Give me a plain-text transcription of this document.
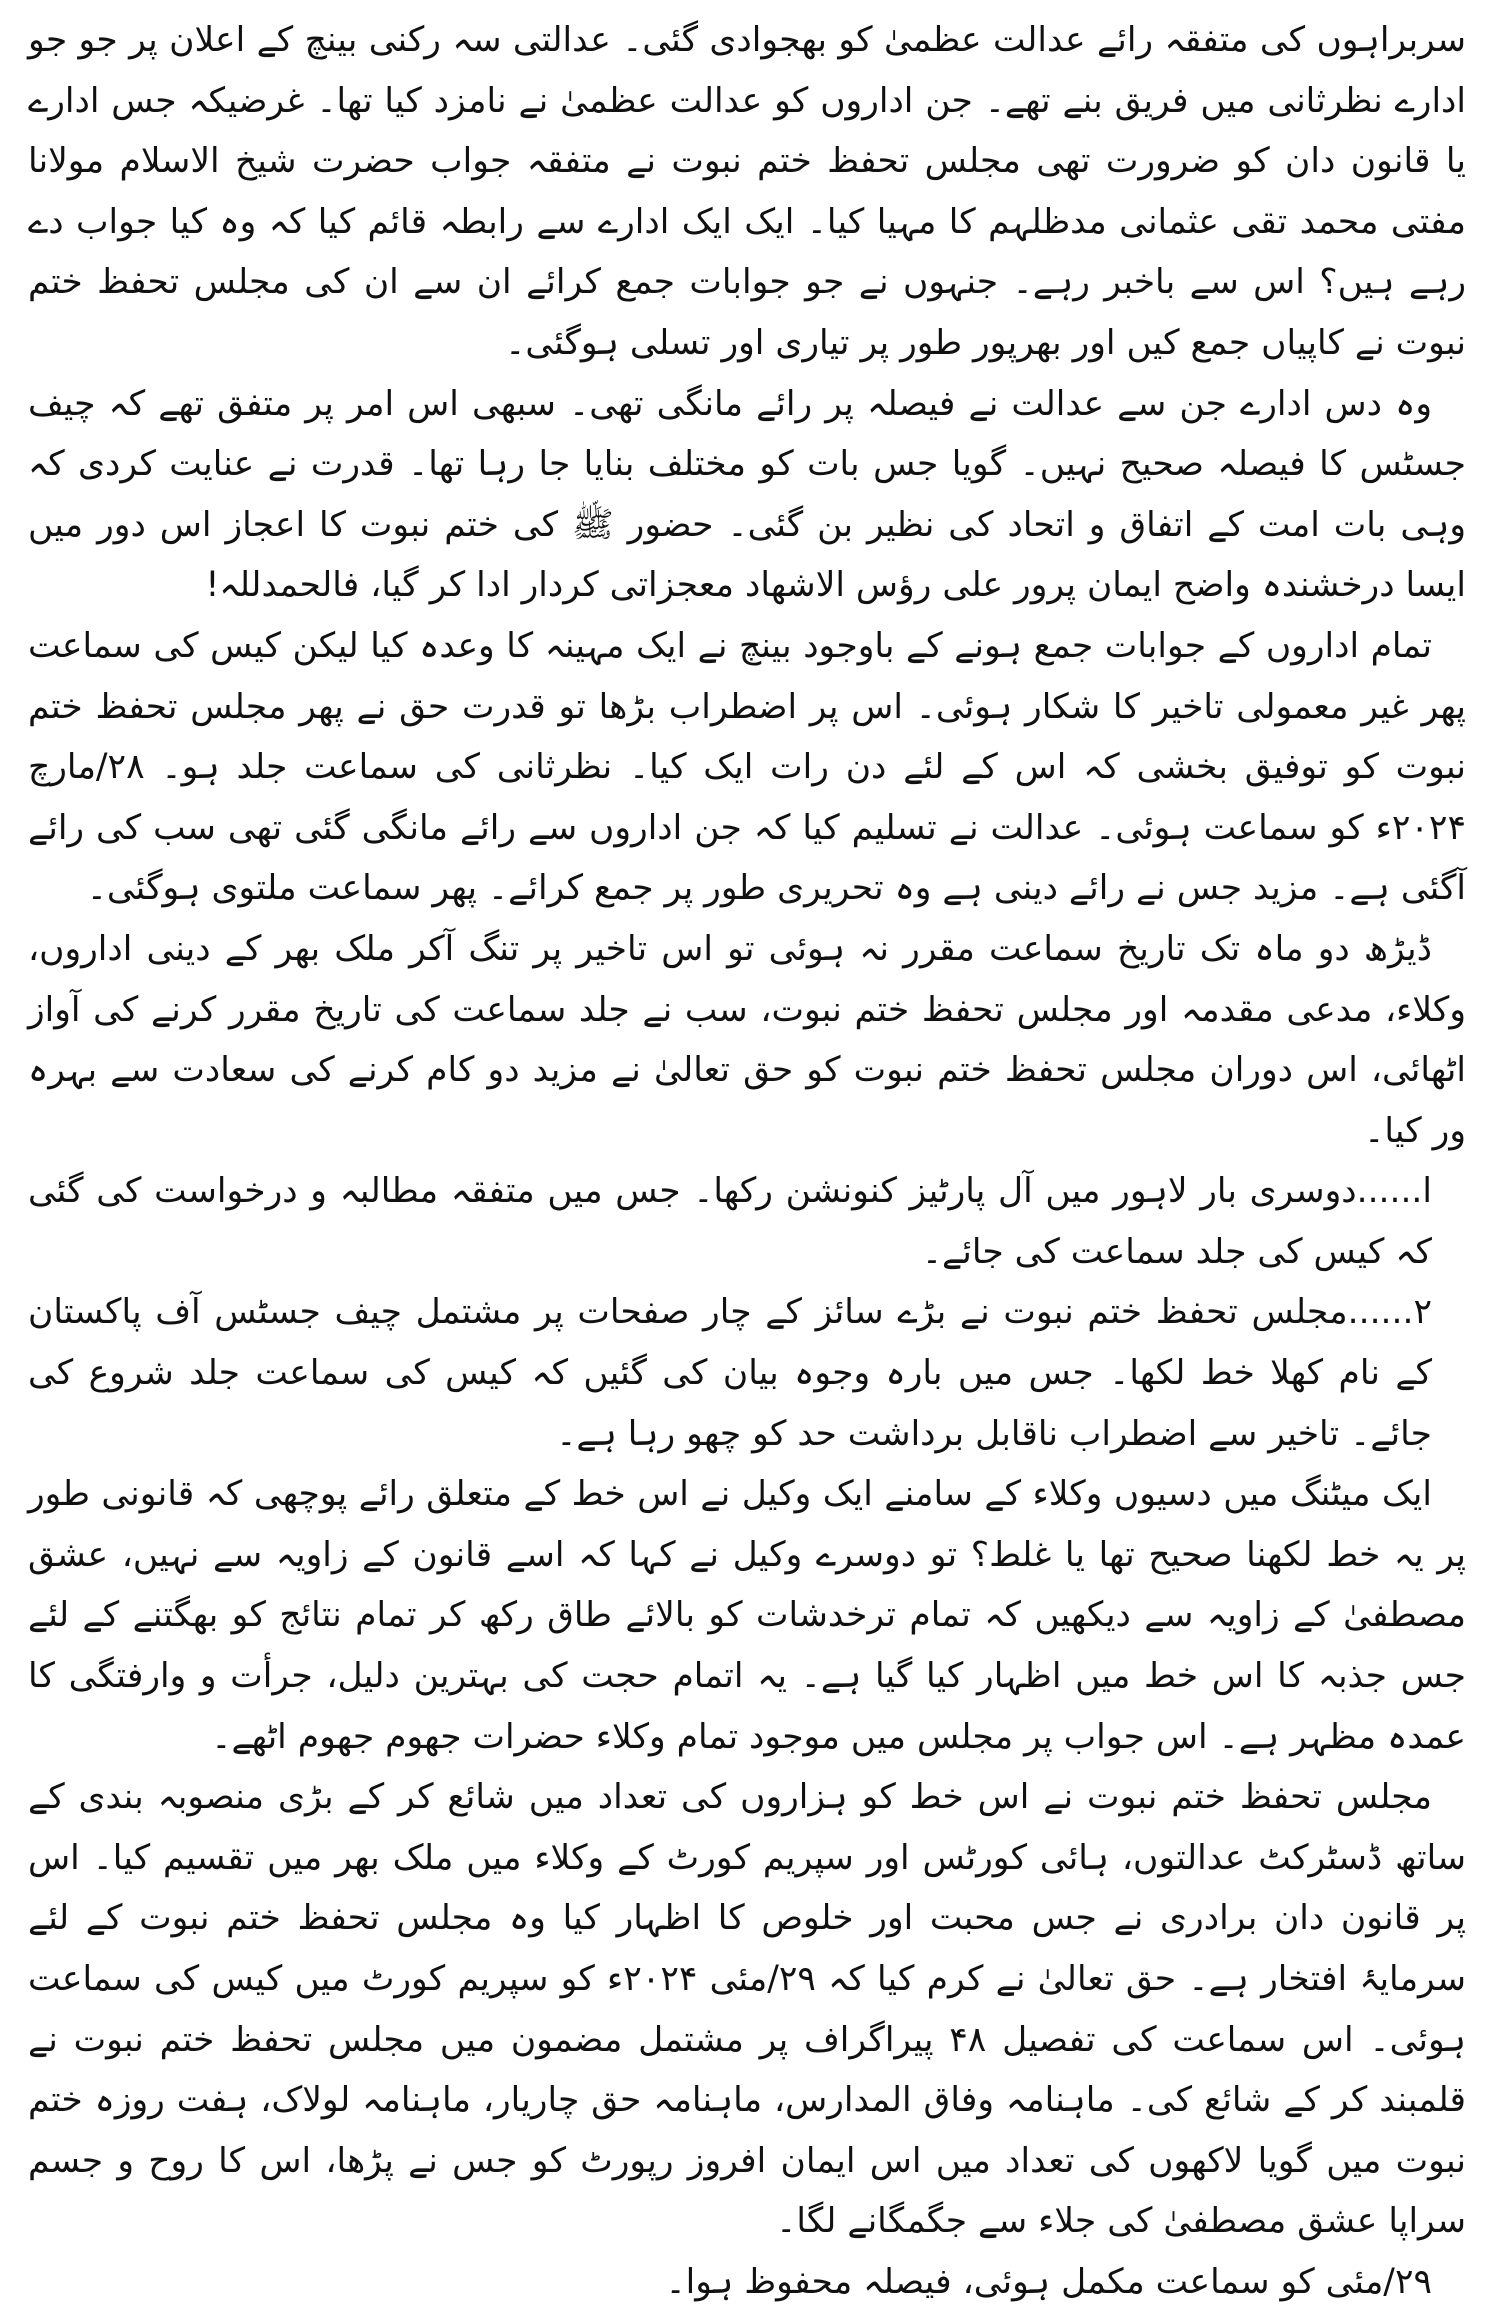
سربراہوں کی متفقہ رائے عدالت عظمیٰ کو بھجوادی گئی۔ عدالتی سہ رکنی بینچ کے اعلان پر جو جو ادارے نظرثانی میں فریق بنے تھے۔ جن اداروں کو عدالت عظمیٰ نے نامزد کیا تھا۔ غرضیکہ جس ادارے یا قانون دان کو ضرورت تھی مجلس تحفظ ختم نبوت نے متفقہ جواب حضرت شیخ الاسلام مولانا مفتی محمد تقی عثمانی مدظلہم کا مہیا کیا۔ ایک ایک ادارے سے رابطہ قائم کیا کہ وہ کیا جواب دے رہے ہیں؟ اس سے باخبر رہے۔ جنہوں نے جو جوابات جمع کرائے ان سے ان کی مجلس تحفظ ختم نبوت نے کاپیاں جمع کیں اور بھرپور طور پر تیاری اور تسلی ہوگئی۔

وہ دس ادارے جن سے عدالت نے فیصلہ پر رائے مانگی تھی۔ سبھی اس امر پر متفق تھے کہ چیف جسٹس کا فیصلہ صحیح نہیں۔ گویا جس بات کو مختلف بنایا جا رہا تھا۔ قدرت نے عنایت کردی کہ وہی بات امت کے اتفاق و اتحاد کی نظیر بن گئی۔ حضور ﷺ کی ختم نبوت کا اعجاز اس دور میں ایسا درخشندہ واضح ایمان پرور علی رؤس الاشھاد معجزاتی کردار ادا کر گیا، فالحمدللہ!

تمام اداروں کے جوابات جمع ہونے کے باوجود بینچ نے ایک مہینہ کا وعدہ کیا لیکن کیس کی سماعت پھر غیر معمولی تاخیر کا شکار ہوئی۔ اس پر اضطراب بڑھا تو قدرت حق نے پھر مجلس تحفظ ختم نبوت کو توفیق بخشی کہ اس کے لئے دن رات ایک کیا۔ نظرثانی کی سماعت جلد ہو۔ ۲۸/مارچ ۲۰۲۴ء کو سماعت ہوئی۔ عدالت نے تسلیم کیا کہ جن اداروں سے رائے مانگی گئی تھی سب کی رائے آگئی ہے۔ مزید جس نے رائے دینی ہے وہ تحریری طور پر جمع کرائے۔ پھر سماعت ملتوی ہوگئی۔

ڈیڑھ دو ماہ تک تاریخ سماعت مقرر نہ ہوئی تو اس تاخیر پر تنگ آکر ملک بھر کے دینی اداروں، وکلاء، مدعی مقدمہ اور مجلس تحفظ ختم نبوت، سب نے جلد سماعت کی تاریخ مقرر کرنے کی آواز اٹھائی، اس دوران مجلس تحفظ ختم نبوت کو حق تعالیٰ نے مزید دو کام کرنے کی سعادت سے بہرہ ور کیا۔

ا......دوسری بار لاہور میں آل پارٹیز کنونشن رکھا۔ جس میں متفقہ مطالبہ و درخواست کی گئی کہ کیس کی جلد سماعت کی جائے۔

۲......مجلس تحفظ ختم نبوت نے بڑے سائز کے چار صفحات پر مشتمل چیف جسٹس آف پاکستان کے نام کھلا خط لکھا۔ جس میں بارہ وجوہ بیان کی گئیں کہ کیس کی سماعت جلد شروع کی جائے۔ تاخیر سے اضطراب ناقابل برداشت حد کو چھو رہا ہے۔

ایک میٹنگ میں دسیوں وکلاء کے سامنے ایک وکیل نے اس خط کے متعلق رائے پوچھی کہ قانونی طور پر یہ خط لکھنا صحیح تھا یا غلط؟ تو دوسرے وکیل نے کہا کہ اسے قانون کے زاویہ سے نہیں، عشق مصطفیٰ کے زاویہ سے دیکھیں کہ تمام ترخدشات کو بالائے طاق رکھ کر تمام نتائج کو بھگتنے کے لئے جس جذبہ کا اس خط میں اظہار کیا گیا ہے۔ یہ اتمام حجت کی بہترین دلیل، جرأت و وارفتگی کا عمدہ مظہر ہے۔ اس جواب پر مجلس میں موجود تمام وکلاء حضرات جھوم جھوم اٹھے۔

مجلس تحفظ ختم نبوت نے اس خط کو ہزاروں کی تعداد میں شائع کر کے بڑی منصوبہ بندی کے ساتھ ڈسٹرکٹ عدالتوں، ہائی کورٹس اور سپریم کورٹ کے وکلاء میں ملک بھر میں تقسیم کیا۔ اس پر قانون دان برادری نے جس محبت اور خلوص کا اظہار کیا وہ مجلس تحفظ ختم نبوت کے لئے سرمایۂ افتخار ہے۔ حق تعالیٰ نے کرم کیا کہ ۲۹/مئی ۲۰۲۴ء کو سپریم کورٹ میں کیس کی سماعت ہوئی۔ اس سماعت کی تفصیل ۴۸ پیراگراف پر مشتمل مضمون میں مجلس تحفظ ختم نبوت نے قلمبند کر کے شائع کی۔ ماہنامہ وفاق المدارس، ماہنامہ حق چاریار، ماہنامہ لولاک، ہفت روزہ ختم نبوت میں گویا لاکھوں کی تعداد میں اس ایمان افروز رپورٹ کو جس نے پڑھا، اس کا روح و جسم سراپا عشق مصطفیٰ کی جلاء سے جگمگانے لگا۔

۲۹/مئی کو سماعت مکمل ہوئی، فیصلہ محفوظ ہوا۔
